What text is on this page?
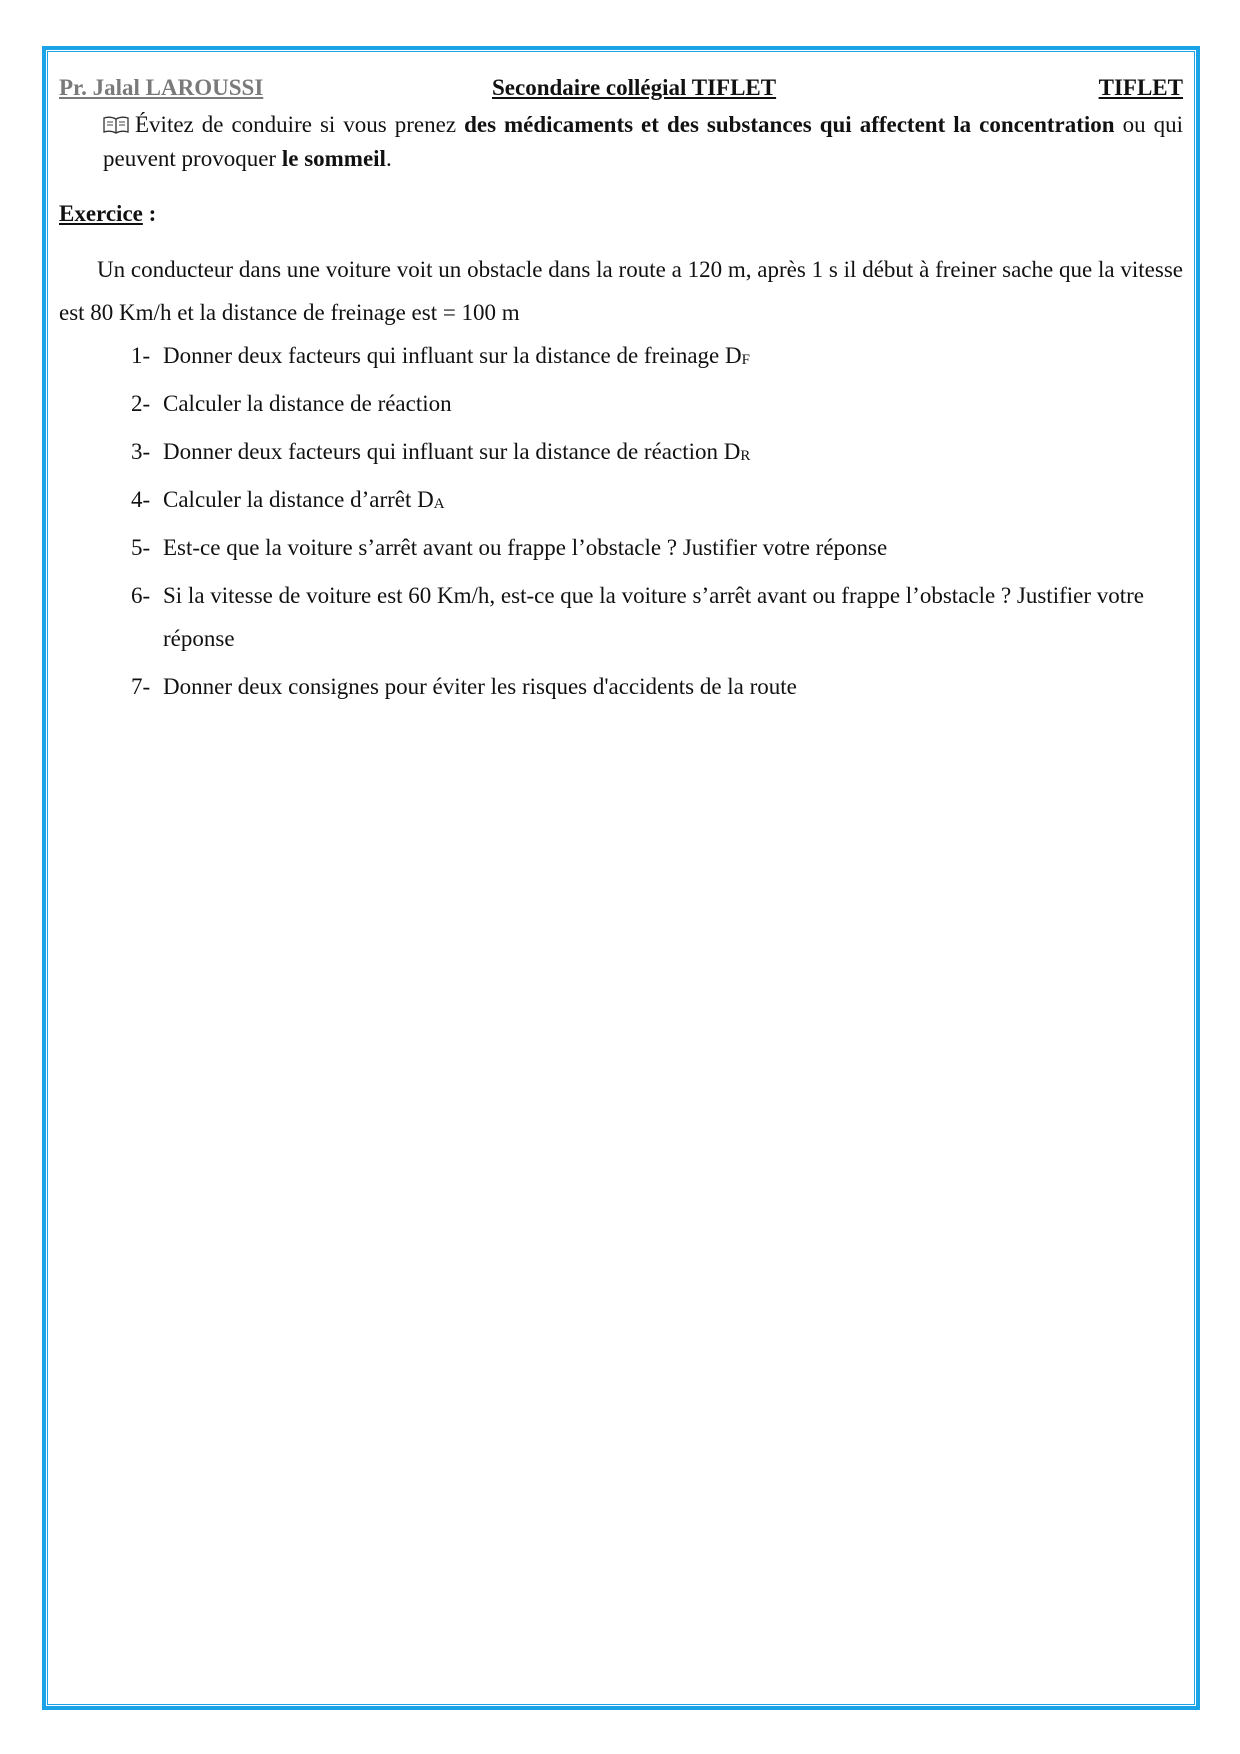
Pr. Jalal LAROUSSI	Secondaire collégial TIFLET	TIFLET
Évitez de conduire si vous prenez des médicaments et des substances qui affectent la concentration ou qui peuvent provoquer le sommeil.
Exercice :
Un conducteur dans une voiture voit un obstacle dans la route a 120 m, après 1 s il début à freiner sache que la vitesse est 80 Km/h et la distance de freinage est = 100 m
1- Donner deux facteurs qui influant sur la distance de freinage DF
2- Calculer la distance de réaction
3- Donner deux facteurs qui influant sur la distance de réaction DR
4- Calculer la distance d’arrêt DA
5- Est-ce que la voiture s’arrêt avant ou frappe l’obstacle ? Justifier votre réponse
6- Si la vitesse de voiture est 60 Km/h, est-ce que la voiture s’arrêt avant ou frappe l’obstacle ? Justifier votre réponse
7- Donner deux consignes pour éviter les risques d'accidents de la route
